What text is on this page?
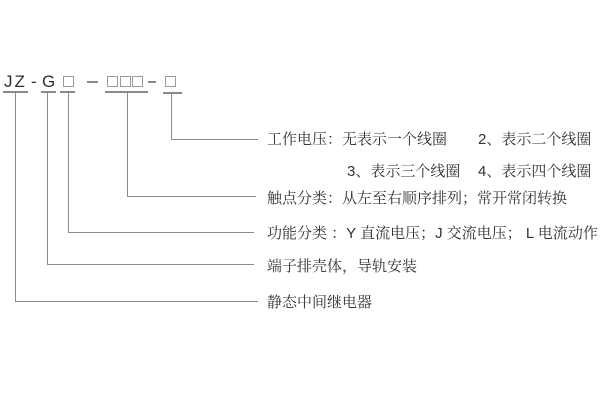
JZ - G
工作电压：无表示一个线圈 2、表示二个线圈
3、表示三个线圈 4、表示四个线圈
触点分类：从左至右顺序排列；常开常闭转换
功能分类 ：Y 直流电压；J 交流电压； L 电流动作
端子排壳体，导轨安装
静态中间继电器
